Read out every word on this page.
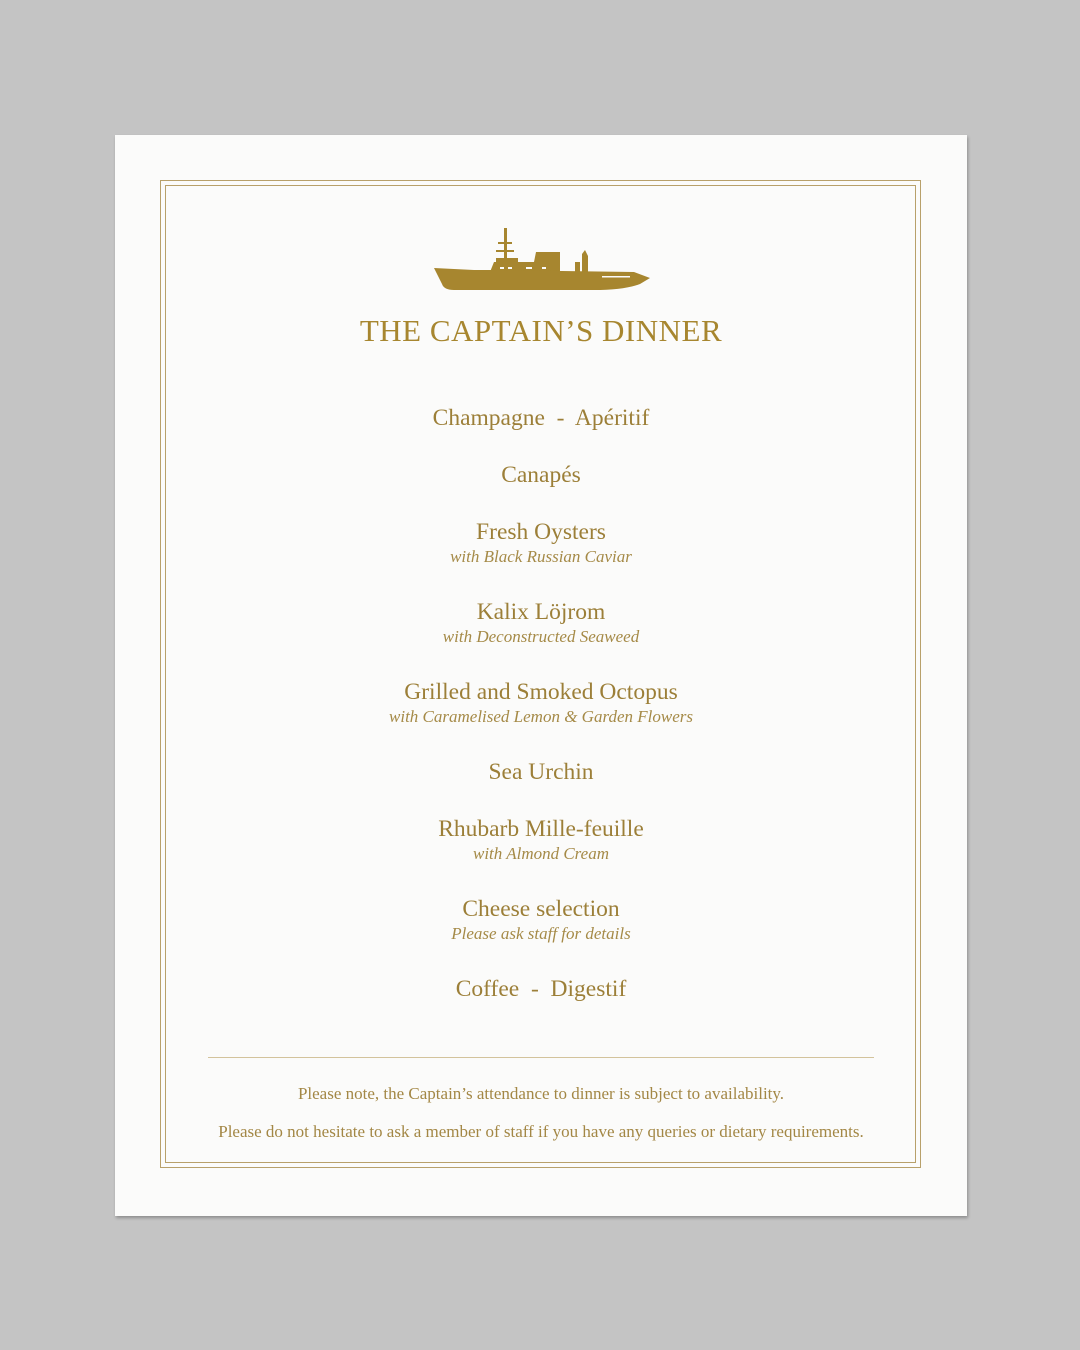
THE CAPTAIN’S DINNER
Champagne  -  Apéritif
Canapés
Fresh Oysters
with Black Russian Caviar
Kalix Löjrom
with Deconstructed Seaweed
Grilled and Smoked Octopus
with Caramelised Lemon & Garden Flowers
Sea Urchin
Rhubarb Mille-feuille
with Almond Cream
Cheese selection
Please ask staff for details
Coffee  -  Digestif
Please note, the Captain’s attendance to dinner is subject to availability.
Please do not hesitate to ask a member of staff if you have any queries or dietary requirements.
